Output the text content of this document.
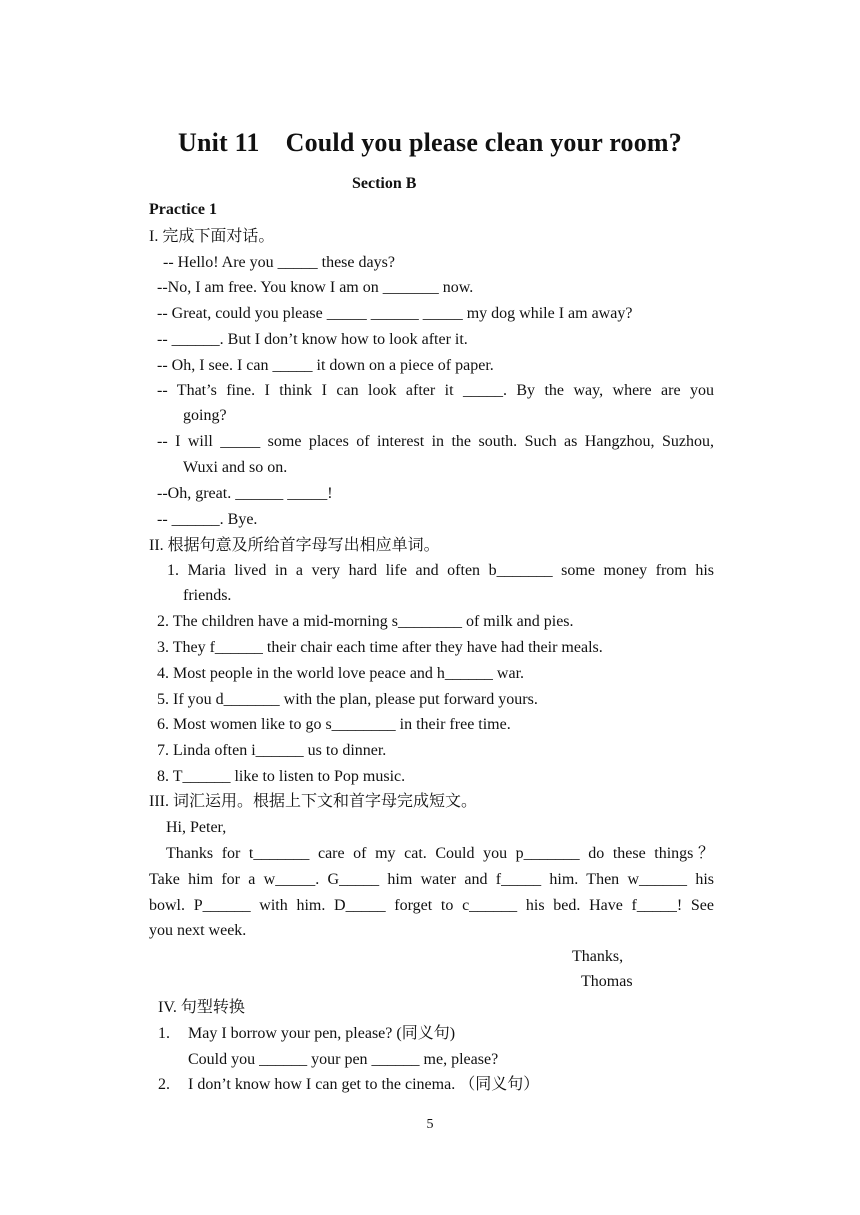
Unit 11 Could you please clean your room?
Section B
Practice 1
I. 完成下面对话。
-- Hello! Are you _____ these days?
--No, I am free. You know I am on _______ now.
-- Great, could you please _____ ______ _____ my dog while I am away?
-- ______. But I don’t know how to look after it.
-- Oh, I see. I can _____ it down on a piece of paper.
-- That’s fine. I think I can look after it _____. By the way, where are you
going?
-- I will _____ some places of interest in the south. Such as Hangzhou, Suzhou,
Wuxi and so on.
--Oh, great. ______ _____!
-- ______. Bye.
II. 根据句意及所给首字母写出相应单词。
1. Maria lived in a very hard life and often b_______ some money from his
friends.
2. The children have a mid-morning s________ of milk and pies.
3. They f______ their chair each time after they have had their meals.
4. Most people in the world love peace and h______ war.
5. If you d_______ with the plan, please put forward yours.
6. Most women like to go s________ in their free time.
7. Linda often i______ us to dinner.
8. T______ like to listen to Pop music.
III. 词汇运用。根据上下文和首字母完成短文。
Hi, Peter,
Thanks for t_______ care of my cat. Could you p_______ do these things？
Take him for a w_____. G_____ him water and f_____ him. Then w______ his
bowl. P______ with him. D_____ forget to c______ his bed. Have f_____! See
you next week.
Thanks,
Thomas
IV. 句型转换
1. May I borrow your pen, please? (同义句)
Could you ______ your pen ______ me, please?
2. I don’t know how I can get to the cinema. （同义句）
5
